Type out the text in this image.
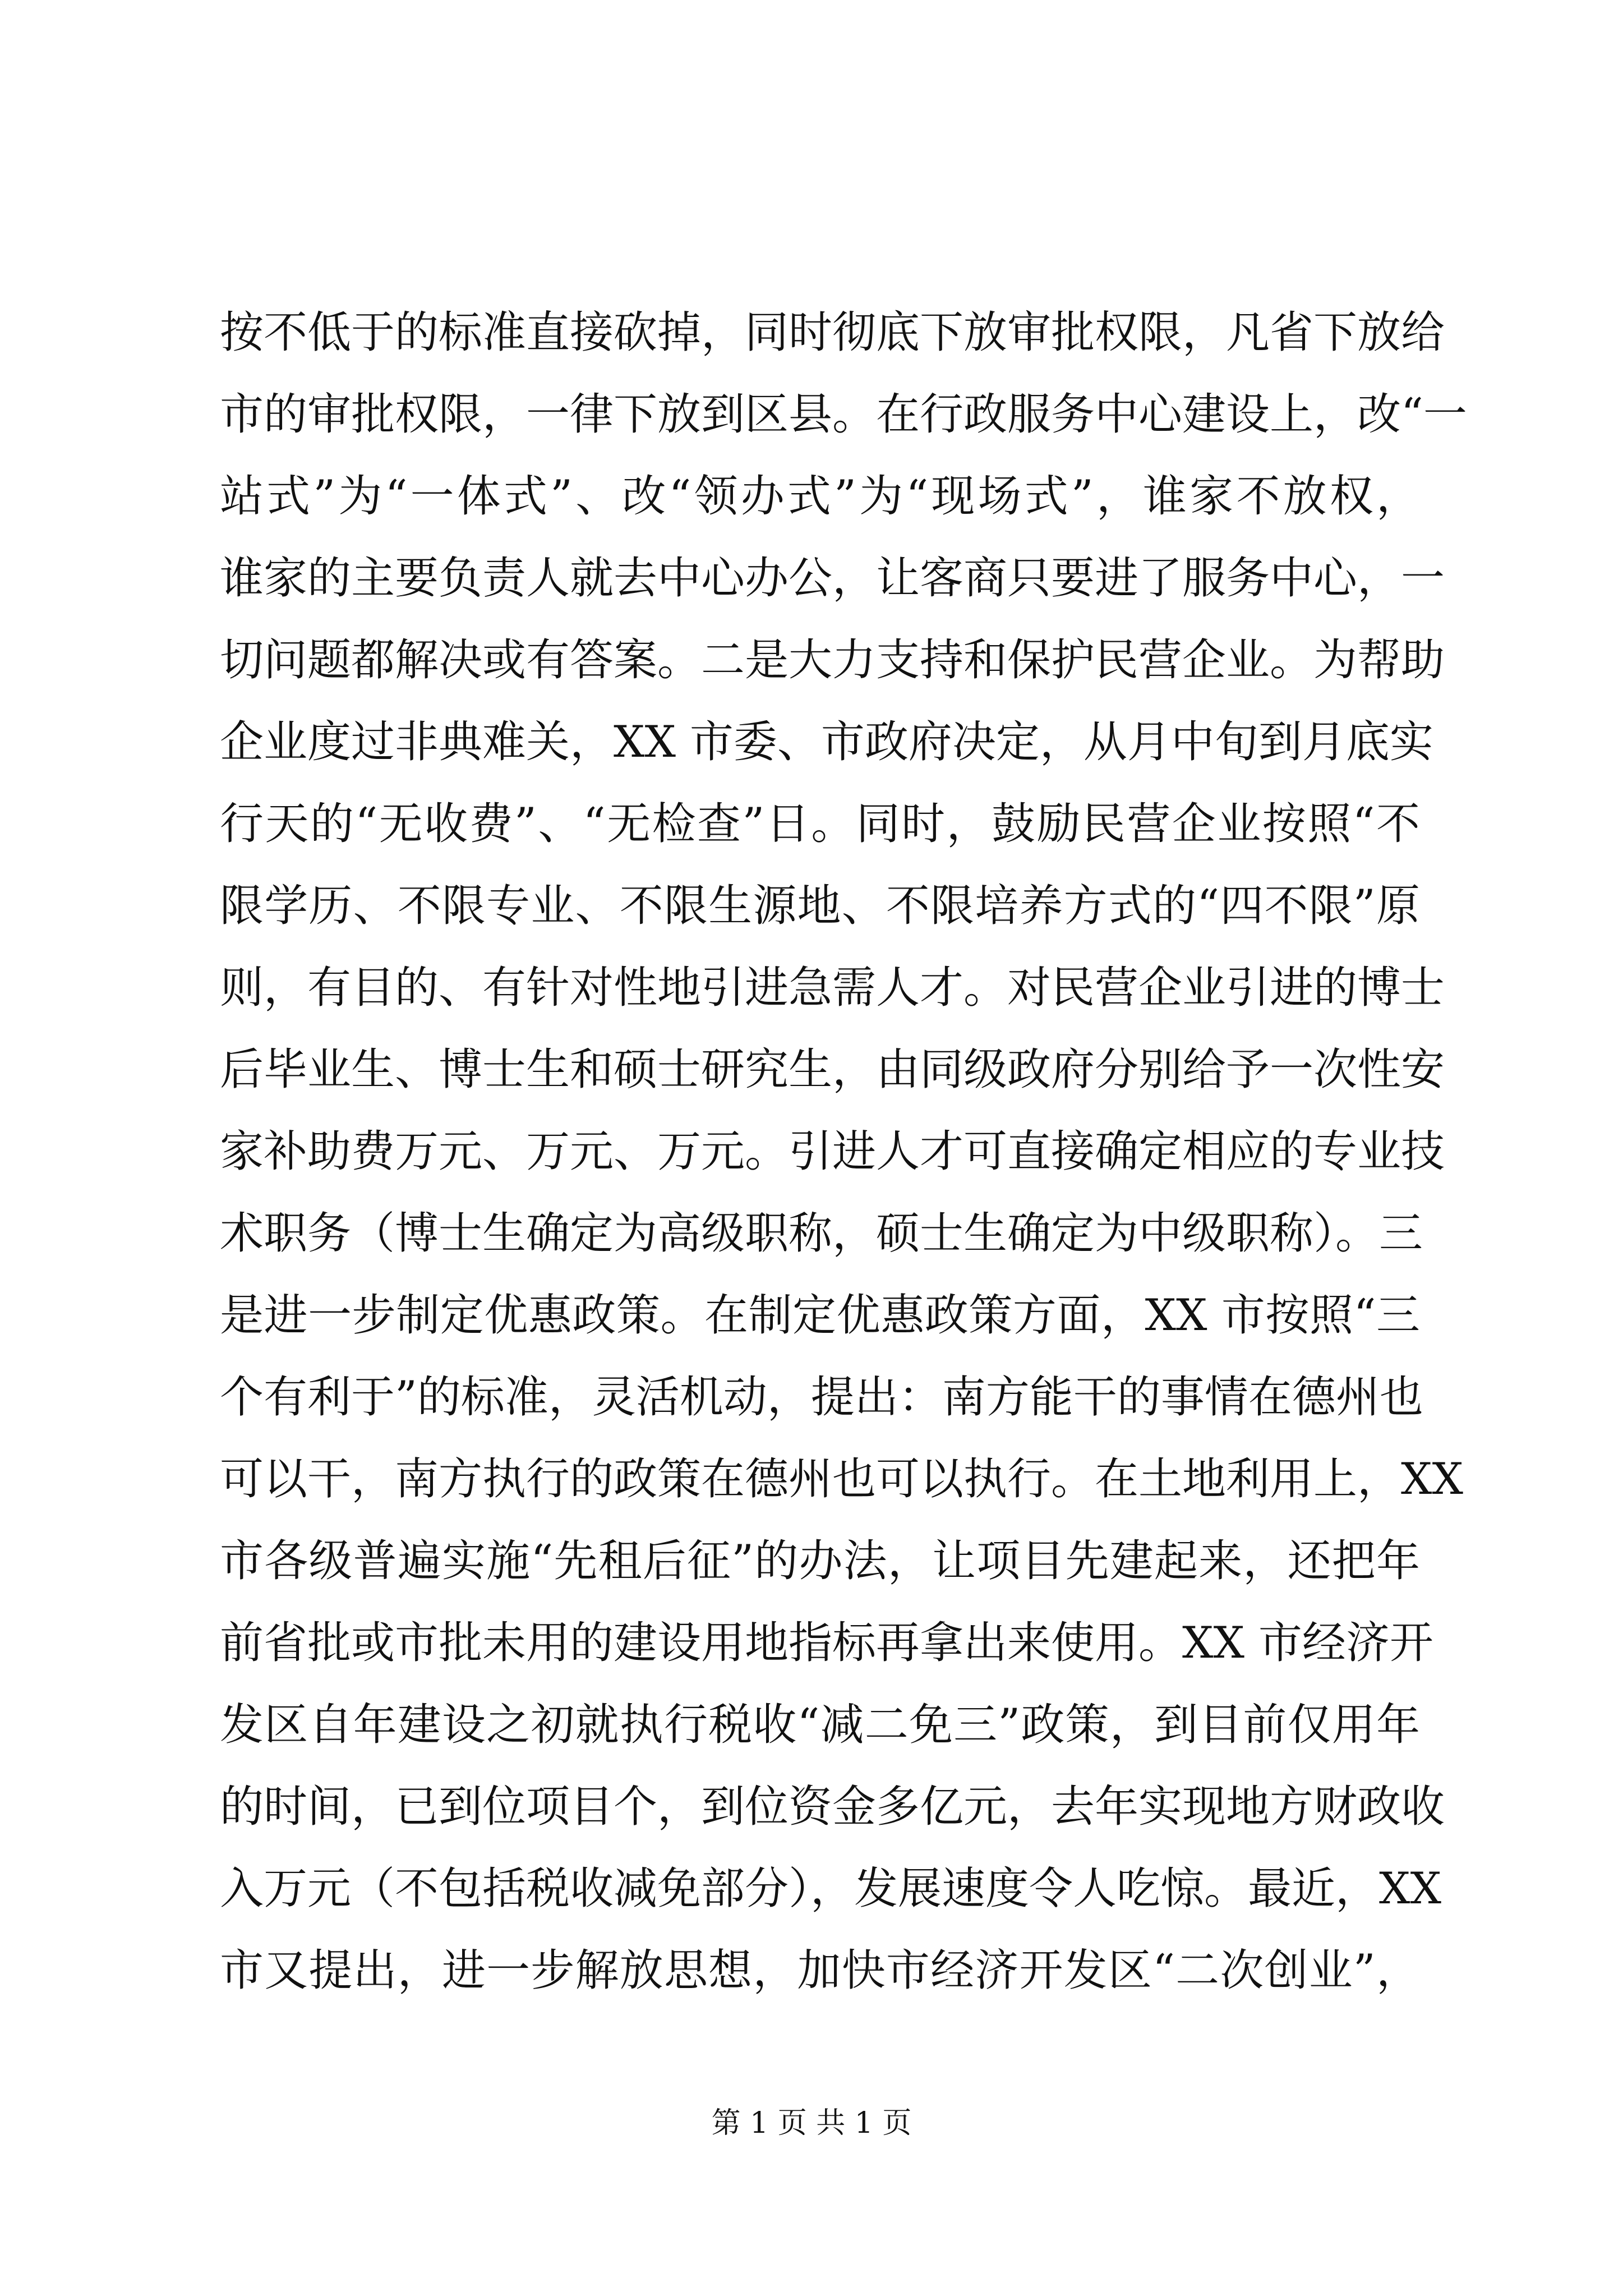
按不低于的标准直接砍掉，同时彻底下放审批权限，凡省下放给
市的审批权限，一律下放到区县。在行政服务中心建设上，改“一
站式”为“一体式”、改“领办式”为“现场式”，谁家不放权，
谁家的主要负责人就去中心办公，让客商只要进了服务中心，一
切问题都解决或有答案。二是大力支持和保护民营企业。为帮助
企业度过非典难关，XX 市委、市政府决定，从月中旬到月底实
行天的“无收费”、“无检查”日。同时，鼓励民营企业按照“不
限学历、不限专业、不限生源地、不限培养方式的“四不限”原
则，有目的、有针对性地引进急需人才。对民营企业引进的博士
后毕业生、博士生和硕士研究生，由同级政府分别给予一次性安
家补助费万元、万元、万元。引进人才可直接确定相应的专业技
术职务（博士生确定为高级职称，硕士生确定为中级职称）。三
是进一步制定优惠政策。在制定优惠政策方面，XX 市按照“三
个有利于”的标准，灵活机动，提出：南方能干的事情在德州也
可以干，南方执行的政策在德州也可以执行。在土地利用上，XX
市各级普遍实施“先租后征”的办法，让项目先建起来，还把年
前省批或市批未用的建设用地指标再拿出来使用。XX 市经济开
发区自年建设之初就执行税收“减二免三”政策，到目前仅用年
的时间，已到位项目个，到位资金多亿元，去年实现地方财政收
入万元（不包括税收减免部分），发展速度令人吃惊。最近，XX
市又提出，进一步解放思想，加快市经济开发区“二次创业”，
第 1 页 共 1 页
